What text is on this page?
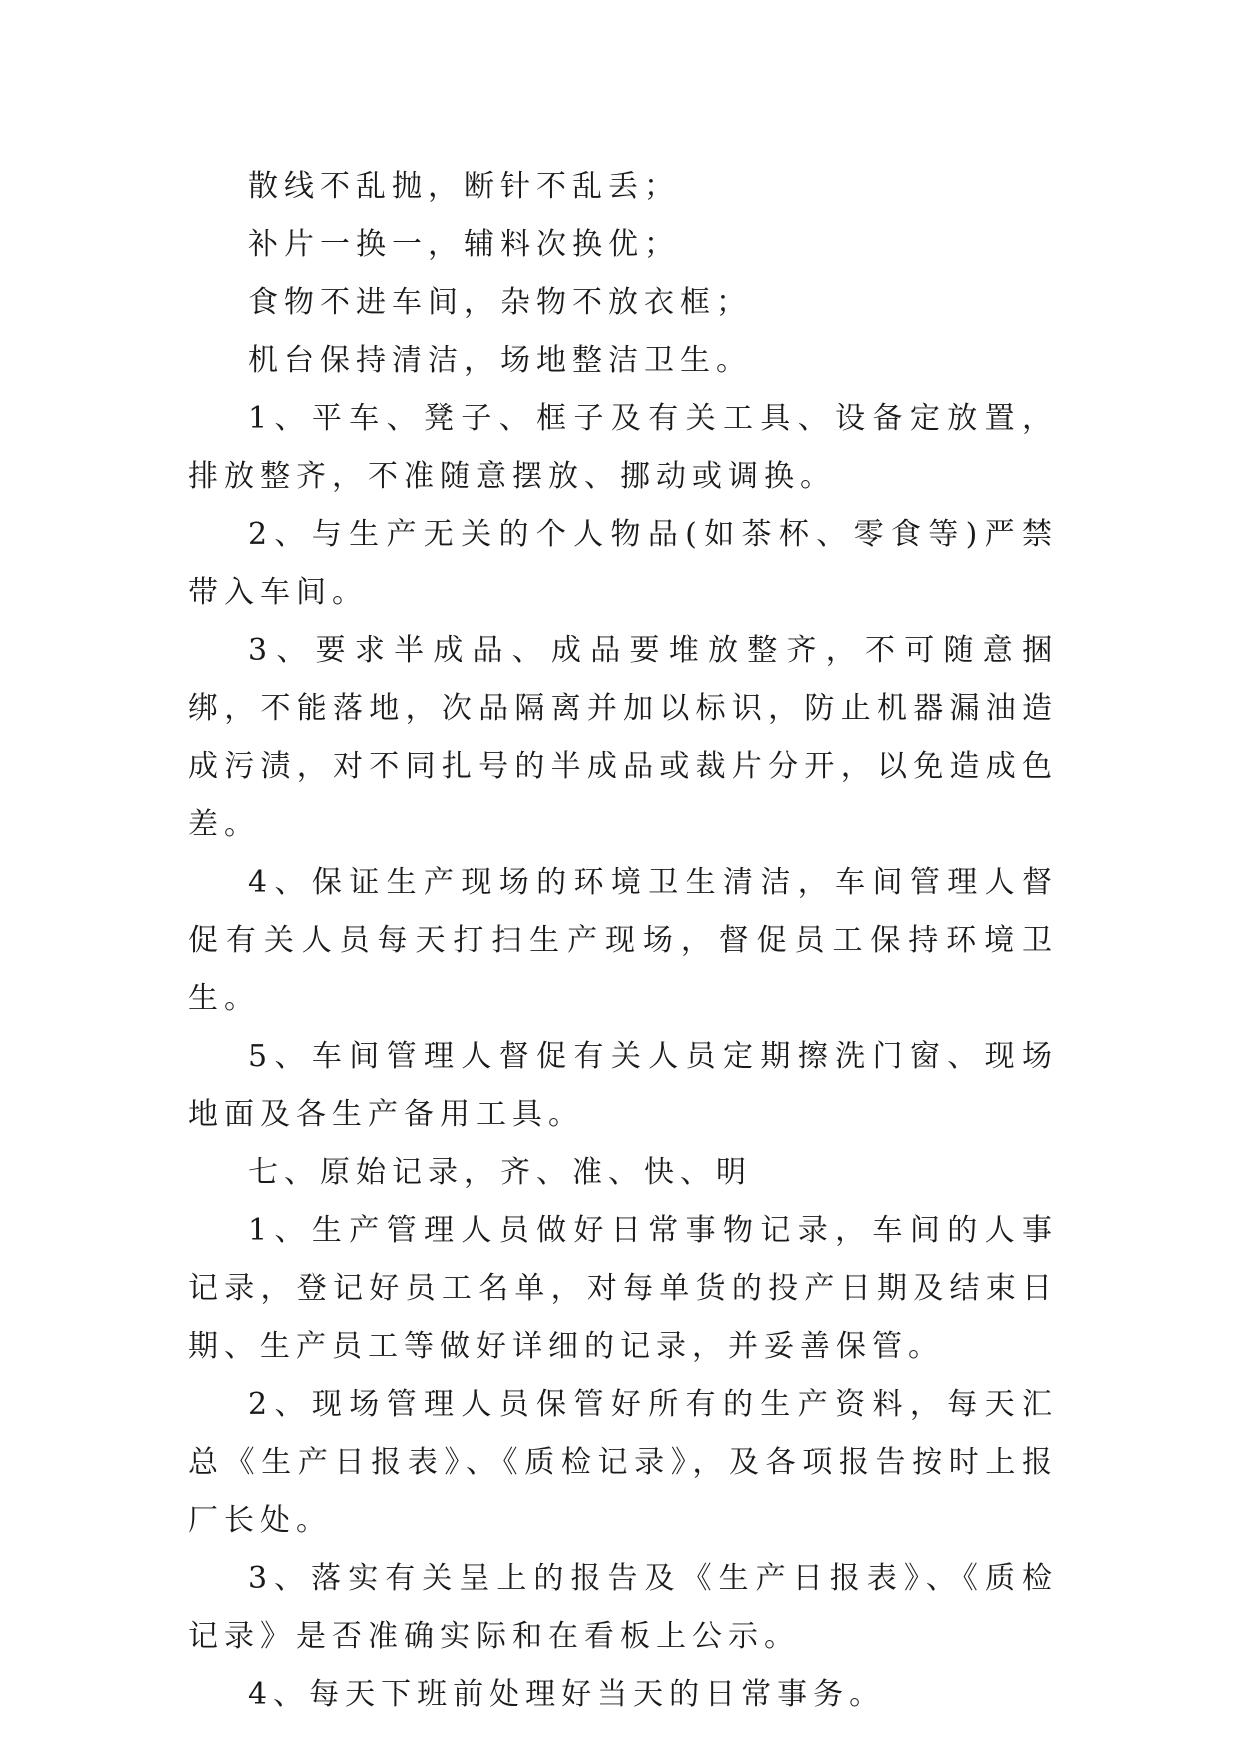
散线不乱抛，断针不乱丢；

补片一换一，辅料次换优；

食物不进车间，杂物不放衣框；

机台保持清洁，场地整洁卫生。

1、平车、凳子、框子及有关工具、设备定放置，排放整齐，不准随意摆放、挪动或调换。

2、与生产无关的个人物品(如茶杯、零食等)严禁带入车间。

3、要求半成品、成品要堆放整齐，不可随意捆绑，不能落地，次品隔离并加以标识，防止机器漏油造成污渍，对不同扎号的半成品或裁片分开，以免造成色差。

4、保证生产现场的环境卫生清洁，车间管理人督促有关人员每天打扫生产现场，督促员工保持环境卫生。

5、车间管理人督促有关人员定期擦洗门窗、现场地面及各生产备用工具。

七、原始记录，齐、准、快、明

1、生产管理人员做好日常事物记录，车间的人事记录，登记好员工名单，对每单货的投产日期及结束日期、生产员工等做好详细的记录，并妥善保管。

2、现场管理人员保管好所有的生产资料，每天汇总《生产日报表》、《质检记录》，及各项报告按时上报厂长处。

3、落实有关呈上的报告及《生产日报表》、《质检记录》是否准确实际和在看板上公示。

4、每天下班前处理好当天的日常事务。
